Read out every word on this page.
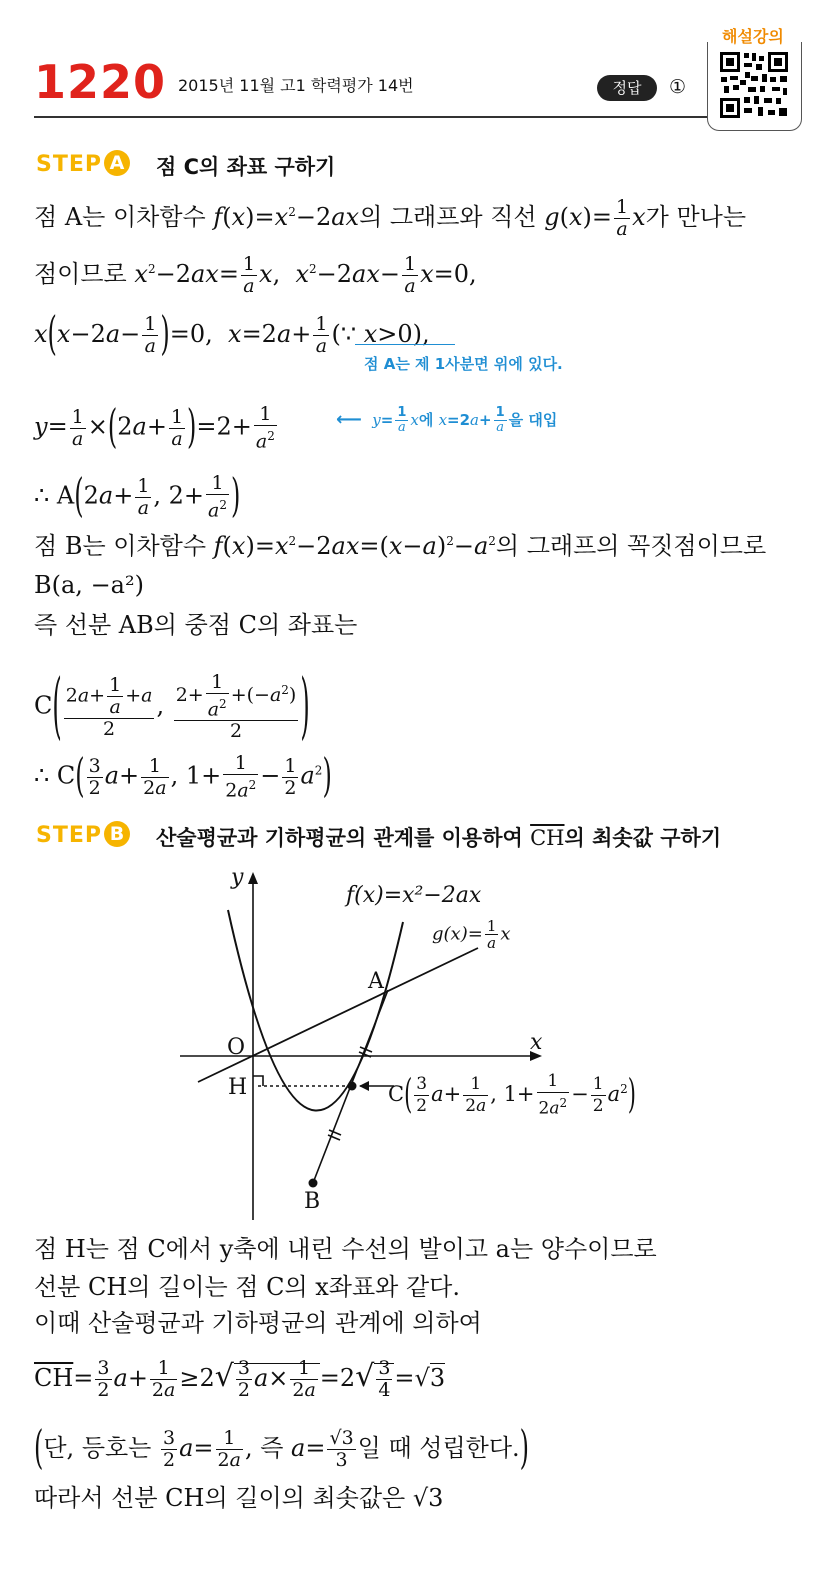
1220 2015년 11월 고1 학력평가 14번	정답	①
해설강의
STEP A 점 C의 좌표 구하기
점 A는 이차함수 $f(x)=x^2-2ax$의 그래프와 직선 $g(x)= \frac{1}{a}$ x가 만나는
점이므로 $x^2-2ax= \frac{1}{a} x$,  $x^2-2ax- \frac{1}{a} x=0$,
$x(x-2a- \frac{1}{a} )=0$,  $x=2a+ \frac{1}{a}$ (∵ x>0),
점 A는 제 1사분면 위에 있다.
$y= \frac{1}{a} \times(2a+ \frac{1}{a} )=2+ \frac{1}{a^2}$	⟵ $y= \frac{1}{a}$ x에 $x=2a+ \frac{1}{a}$ 을 대입
∴ $A(2a+ \frac{1}{a}$ , $2+ \frac{1}{a^2}$ )
점 B는 이차함수 $f(x)=x^2-2ax=(x-a)^2-a^2$의 그래프의 꼭짓점이므로
B(a, −a²)
즉 선분 AB의 중점 C의 좌표는
$C( \frac{2a+ \frac{1}{a} +a}{2}$ , $\frac{2+ \frac{1}{a^2} +(-a^2)}{2}$ )
∴ $C( \frac{3}{2} a+ \frac{1}{2a}$ , $1+ \frac{1}{2a^2} - \frac{1}{2} a^2$)
STEP B 산술평균과 기하평균의 관계를 이용하여 $\overline{CH}$의 최솟값 구하기
x
y
O
A
B
H
f(x)=x²−2ax
$g(x)= \frac{1}{a}$ x
$C( \frac{3}{2} a+ \frac{1}{2a}$ , $1+ \frac{1}{2a^2} - \frac{1}{2} a^2$)
점 H는 점 C에서 y축에 내린 수선의 발이고 a는 양수이므로
선분 CH의 길이는 점 C의 x좌표와 같다.
이때 산술평균과 기하평균의 관계에 의하여
$\overline{CH}= \frac{3}{2} a+ \frac{1}{2a} \ge 2√ \frac{3}{2} a\times \frac{1}{2a} =2√ \frac{3}{4} =√3$
(단, 등호는 $\frac{3}{2} a= \frac{1}{2a}$ , 즉 $a= \frac{√3}{3}$ 일 때 성립한다.)
따라서 선분 CH의 길이의 최솟값은 √3
